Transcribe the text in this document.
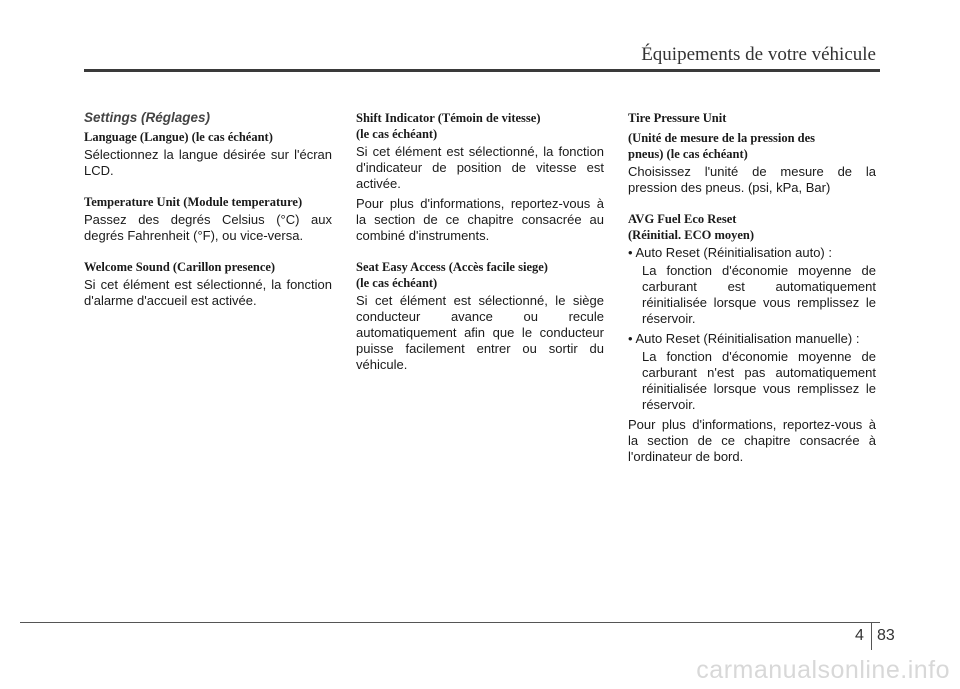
Équipements de votre véhicule
Settings (Réglages)
Language (Langue) (le cas échéant)
Sélectionnez la langue désirée sur l'écran LCD.
Temperature Unit (Module temperature)
Passez des degrés Celsius (°C) aux degrés Fahrenheit (°F), ou vice-versa.
Welcome Sound (Carillon presence)
Si cet élément est sélectionné, la fonction d'alarme d'accueil est activée.
Shift Indicator (Témoin de vitesse)
(le cas échéant)
Si cet élément est sélectionné, la fonction d'indicateur de position de vitesse est activée.
Pour plus d'informations, reportez-vous à la section de ce chapitre consacrée au combiné d'instruments.
Seat Easy Access (Accès facile siege)
(le cas échéant)
Si cet élément est sélectionné, le siège conducteur avance ou recule automatiquement afin que le conducteur puisse facilement entrer ou sortir du véhicule.
Tire Pressure Unit
(Unité de mesure de la pression des
pneus) (le cas échéant)
Choisissez l'unité de mesure de la pression des pneus. (psi, kPa, Bar)
AVG Fuel Eco Reset
(Réinitial. ECO moyen)
• Auto Reset (Réinitialisation auto) :
La fonction d'économie moyenne de carburant est automatiquement réinitialisée lorsque vous remplissez le réservoir.
• Auto Reset (Réinitialisation manuelle) :
La fonction d'économie moyenne de carburant n'est pas automatiquement réinitialisée lorsque vous remplissez le réservoir.
Pour plus d'informations, reportez-vous à la section de ce chapitre consacrée à l'ordinateur de bord.
4 83
carmanualsonline.info
